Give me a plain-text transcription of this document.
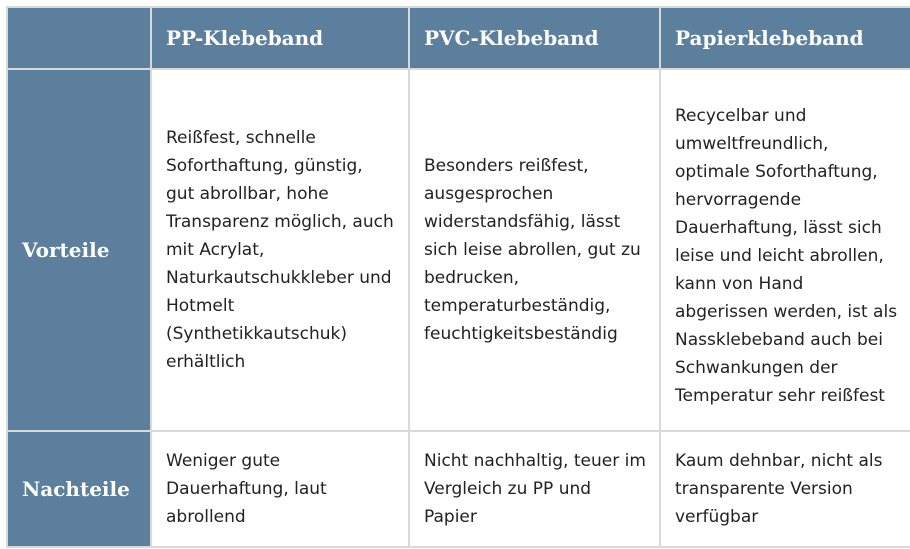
	PP-Klebeband	PVC-Klebeband	Papierklebeband
Vorteile	Reißfest, schnelle Soforthaftung, günstig, gut abrollbar, hohe Transparenz möglich, auch mit Acrylat, Naturkautschukkleber und Hotmelt (Synthetikkautschuk) erhältlich	Besonders reißfest, ausgesprochen widerstandsfähig, lässt sich leise abrollen, gut zu bedrucken, temperaturbeständig, feuchtigkeitsbeständig	Recycelbar und umweltfreundlich, optimale Soforthaftung, hervorragende Dauerhaftung, lässt sich leise und leicht abrollen, kann von Hand abgerissen werden, ist als Nassklebeband auch bei Schwankungen der Temperatur sehr reißfest
Nachteile	Weniger gute Dauerhaftung, laut abrollend	Nicht nachhaltig, teuer im Vergleich zu PP und Papier	Kaum dehnbar, nicht als transparente Version verfügbar
